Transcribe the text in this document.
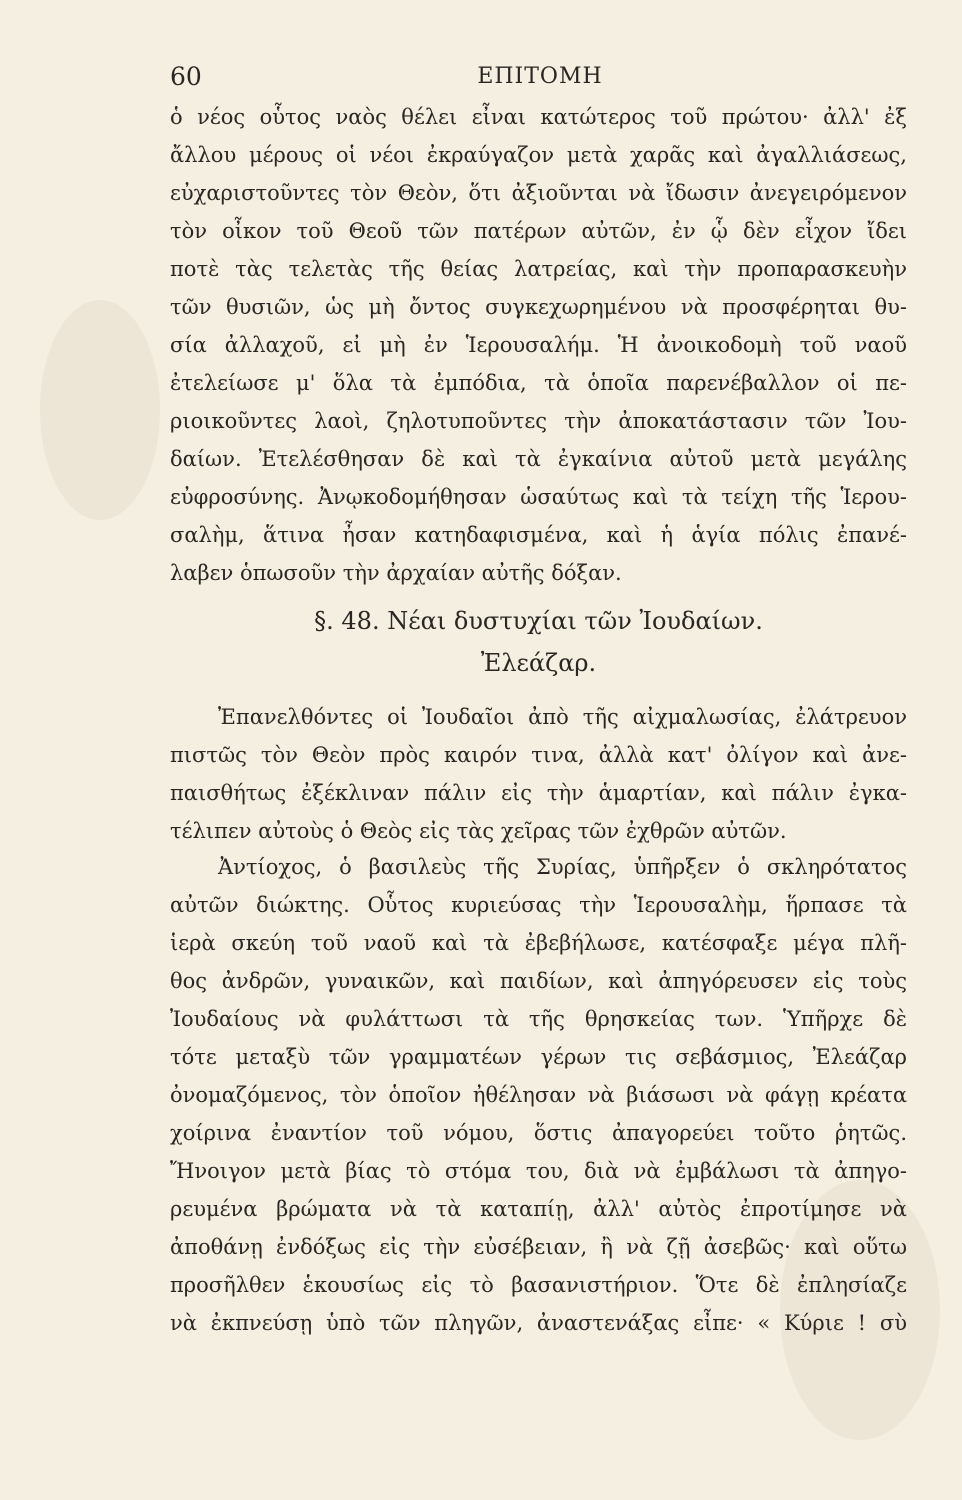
60	ΕΠΙΤΟΜΗ
ὁ νέος οὗτος ναὸς θέλει εἶναι κατώτερος τοῦ πρώτου· ἀλλ' ἐξ
ἄλλου μέρους οἱ νέοι ἐκραύγαζον μετὰ χαρᾶς καὶ ἀγαλλιάσεως,
εὐχαριστοῦντες τὸν Θεὸν, ὅτι ἀξιοῦνται νὰ ἴδωσιν ἀνεγειρόμενον
τὸν οἶκον τοῦ Θεοῦ τῶν πατέρων αὐτῶν, ἐν ᾧ δὲν εἶχον ἴδει
ποτὲ τὰς τελετὰς τῆς θείας λατρείας, καὶ τὴν προπαρασκευὴν
τῶν θυσιῶν, ὡς μὴ ὄντος συγκεχωρημένου νὰ προσφέρηται θυ-
σία ἀλλαχοῦ, εἰ μὴ ἐν Ἱερουσαλήμ. Ἡ ἀνοικοδομὴ τοῦ ναοῦ
ἐτελείωσε μ' ὅλα τὰ ἐμπόδια, τὰ ὁποῖα παρενέβαλλον οἱ πε-
ριοικοῦντες λαοὶ, ζηλοτυποῦντες τὴν ἀποκατάστασιν τῶν Ἰου-
δαίων. Ἐτελέσθησαν δὲ καὶ τὰ ἐγκαίνια αὐτοῦ μετὰ μεγάλης
εὐφροσύνης. Ἀνῳκοδομήθησαν ὡσαύτως καὶ τὰ τείχη τῆς Ἱερου-
σαλὴμ, ἅτινα ἦσαν κατηδαφισμένα, καὶ ἡ ἁγία πόλις ἐπανέ-
λαβεν ὁπωσοῦν τὴν ἀρχαίαν αὐτῆς δόξαν.
§. 48. Νέαι δυστυχίαι τῶν Ἰουδαίων.
Ἐλεάζαρ.
Ἐπανελθόντες οἱ Ἰουδαῖοι ἀπὸ τῆς αἰχμαλωσίας, ἐλάτρευον
πιστῶς τὸν Θεὸν πρὸς καιρόν τινα, ἀλλὰ κατ' ὀλίγον καὶ ἀνε-
παισθήτως ἐξέκλιναν πάλιν εἰς τὴν ἁμαρτίαν, καὶ πάλιν ἐγκα-
τέλιπεν αὐτοὺς ὁ Θεὸς εἰς τὰς χεῖρας τῶν ἐχθρῶν αὐτῶν.
Ἀντίοχος, ὁ βασιλεὺς τῆς Συρίας, ὑπῆρξεν ὁ σκληρότατος
αὐτῶν διώκτης. Οὗτος κυριεύσας τὴν Ἱερουσαλὴμ, ἥρπασε τὰ
ἱερὰ σκεύη τοῦ ναοῦ καὶ τὰ ἐβεβήλωσε, κατέσφαξε μέγα πλῆ-
θος ἀνδρῶν, γυναικῶν, καὶ παιδίων, καὶ ἀπηγόρευσεν εἰς τοὺς
Ἰουδαίους νὰ φυλάττωσι τὰ τῆς θρησκείας των. Ὑπῆρχε δὲ
τότε μεταξὺ τῶν γραμματέων γέρων τις σεβάσμιος, Ἐλεάζαρ
ὀνομαζόμενος, τὸν ὁποῖον ἠθέλησαν νὰ βιάσωσι νὰ φάγῃ κρέατα
χοίρινα ἐναντίον τοῦ νόμου, ὅστις ἀπαγορεύει τοῦτο ῥητῶς.
Ἤνοιγον μετὰ βίας τὸ στόμα του, διὰ νὰ ἐμβάλωσι τὰ ἀπηγο-
ρευμένα βρώματα νὰ τὰ καταπίῃ, ἀλλ' αὐτὸς ἐπροτίμησε νὰ
ἀποθάνῃ ἐνδόξως εἰς τὴν εὐσέβειαν, ἢ νὰ ζῇ ἀσεβῶς· καὶ οὕτω
προσῆλθεν ἑκουσίως εἰς τὸ βασανιστήριον. Ὅτε δὲ ἐπλησίαζε
νὰ ἐκπνεύσῃ ὑπὸ τῶν πληγῶν, ἀναστενάξας εἶπε· « Κύριε ! σὺ
